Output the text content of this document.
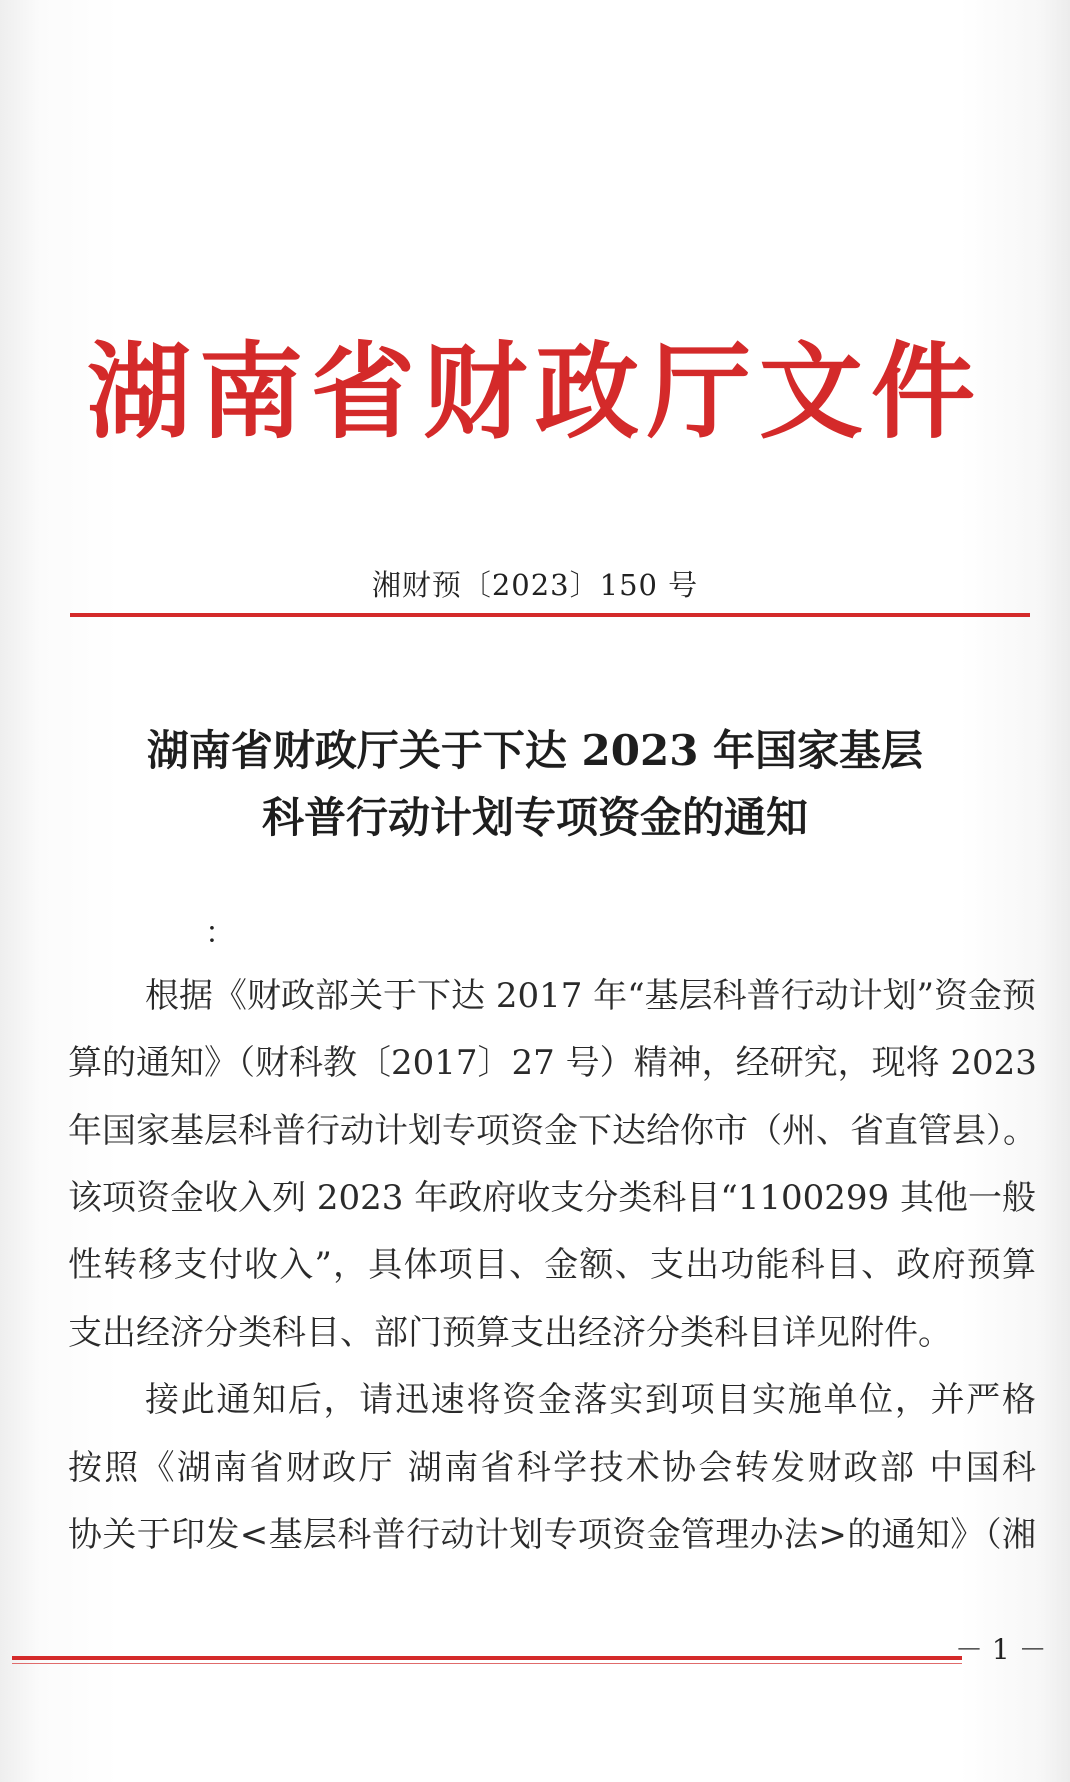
湖南省财政厅文件
湘财预〔2023〕150 号
湖南省财政厅关于下达 2023 年国家基层
科普行动计划专项资金的通知
：
根据《财政部关于下达 2017 年“基层科普行动计划”资金预
算的通知》（财科教〔2017〕27 号）精神，经研究，现将 2023
年国家基层科普行动计划专项资金下达给你市（州、省直管县）。
该项资金收入列 2023 年政府收支分类科目“1100299 其他一般
性转移支付收入”，具体项目、金额、支出功能科目、政府预算
支出经济分类科目、部门预算支出经济分类科目详见附件。
接此通知后，请迅速将资金落实到项目实施单位，并严格
按照《湖南省财政厅 湖南省科学技术协会转发财政部 中国科
协关于印发<基层科普行动计划专项资金管理办法>的通知》（湘
－ 1 －
